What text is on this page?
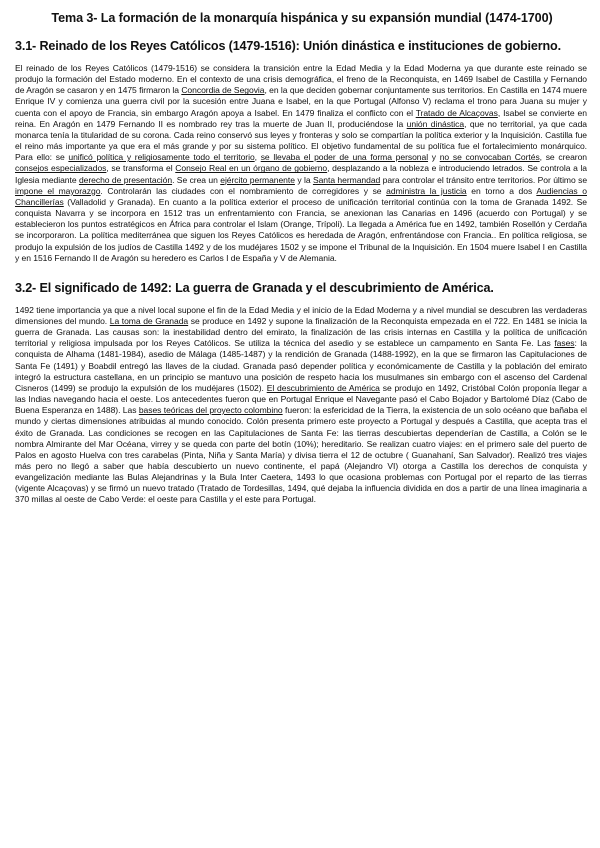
Tema 3- La formación de la monarquía hispánica y su expansión mundial (1474-1700)
3.1- Reinado de los Reyes Católicos (1479-1516): Unión dinástica e instituciones de gobierno.

El reinado de los Reyes Católicos (1479-1516) se considera la transición entre la Edad Media y la Edad Moderna ya que durante este reinado se produjo la formación del Estado moderno. En el contexto de una crisis demográfica, el freno de la Reconquista, en 1469 Isabel de Castilla y Fernando de Aragón se casaron y en 1475 firmaron la Concordia de Segovia, en la que deciden gobernar conjuntamente sus territorios. En Castilla en 1474 muere Enrique IV y comienza una guerra civil por la sucesión entre Juana e Isabel, en la que Portugal (Alfonso V) reclama el trono para Juana su mujer y cuenta con el apoyo de Francia, sin embargo Aragón apoya a Isabel. En 1479 finaliza el conflicto con el Tratado de Alcaçovas, Isabel se convierte en reina. En Aragón en 1479 Fernando II es nombrado rey tras la muerte de Juan II, produciéndose la unión dinástica, que no territorial, ya que cada monarca tenía la titularidad de su corona. Cada reino conservó sus leyes y fronteras y solo se compartían la política exterior y la Inquisición. Castilla fue el reino más importante ya que era el más grande y por su sistema político. El objetivo fundamental de su política fue el fortalecimiento monárquico. Para ello: se unificó política y religiosamente todo el territorio, se llevaba el poder de una forma personal y no se convocaban Cortés, se crearon consejos especializados, se transforma el Consejo Real en un órgano de gobierno, desplazando a la nobleza e introduciendo letrados. Se controla a la Iglesia mediante derecho de presentación. Se crea un ejército permanente y la Santa hermandad para controlar el tránsito entre territorios. Por último se impone el mayorazgo. Controlarán las ciudades con el nombramiento de corregidores y se administra la justicia en torno a dos Audiencias o Chancillerías (Valladolid y Granada). En cuanto a la política exterior el proceso de unificación territorial continúa con la toma de Granada 1492. Se conquista Navarra y se incorpora en 1512 tras un enfrentamiento con Francia, se anexionan las Canarias en 1496 (acuerdo con Portugal) y se establecieron los puntos estratégicos en África para controlar el Islam (Orange, Trípoli). La llegada a América fue en 1492, también Rosellón y Cerdaña se incorporaron. La política mediterránea que siguen los Reyes Católicos es heredada de Aragón, enfrentándose con Francia.. En política religiosa, se produjo la expulsión de los judíos de Castilla 1492 y de los mudéjares 1502 y se impone el Tribunal de la Inquisición. En 1504 muere Isabel I en Castilla y en 1516 Fernando II de Aragón su heredero es Carlos I de España y V de Alemania.

3.2- El significado de 1492: La guerra de Granada y el descubrimiento de América.

1492 tiene importancia ya que a nivel local supone el fin de la Edad Media y el inicio de la Edad Moderna y a nivel mundial se descubren las verdaderas dimensiones del mundo. La toma de Granada se produce en 1492 y supone la finalización de la Reconquista empezada en el 722. En 1481 se inicia la guerra de Granada. Las causas son: la inestabilidad dentro del emirato, la finalización de las crisis internas en Castilla y la política de unificación territorial y religiosa impulsada por los Reyes Católicos. Se utiliza la técnica del asedio y se establece un campamento en Santa Fe. Las fases: la conquista de Alhama (1481-1984), asedio de Málaga (1485-1487) y la rendición de Granada (1488-1992), en la que se firmaron las Capitulaciones de Santa Fe (1491) y Boabdil entregó las llaves de la ciudad. Granada pasó depender política y económicamente de Castilla y la población del emirato integró la estructura castellana, en un principio se mantuvo una posición de respeto hacia los musulmanes sin embargo con el ascenso del Cardenal Cisneros (1499) se produjo la expulsión de los mudéjares (1502). El descubrimiento de América se produjo en 1492, Cristóbal Colón proponía llegar a las Indias navegando hacia el oeste. Los antecedentes fueron que en Portugal Enrique el Navegante pasó el Cabo Bojador y Bartolomé Díaz (Cabo de Buena Esperanza en 1488). Las bases teóricas del proyecto colombino fueron: la esfericidad de la Tierra, la existencia de un solo océano que bañaba el mundo y ciertas dimensiones atribuidas al mundo conocido. Colón presenta primero este proyecto a Portugal y después a Castilla, que acepta tras el éxito de Granada. Las condiciones se recogen en las Capitulaciones de Santa Fe: las tierras descubiertas dependerían de Castilla, a Colón se le nombra Almirante del Mar Océana, virrey y se queda con parte del botín (10%); hereditario. Se realizan cuatro viajes: en el primero sale del puerto de Palos en agosto Huelva con tres carabelas (Pinta, Niña y Santa María) y divisa tierra el 12 de octubre ( Guanahaní, San Salvador). Realizó tres viajes más pero no llegó a saber que había descubierto un nuevo continente, el papá (Alejandro VI) otorga a Castilla los derechos de conquista y evangelización mediante las Bulas Alejandrinas y la Bula Inter Caetera, 1493 lo que ocasiona problemas con Portugal por el reparto de las tierras (vigente Alcaçovas) y se firmó un nuevo tratado (Tratado de Tordesillas, 1494, qué dejaba la influencia dividida en dos a partir de una línea imaginaria a 370 millas al oeste de Cabo Verde: el oeste para Castilla y el este para Portugal.
